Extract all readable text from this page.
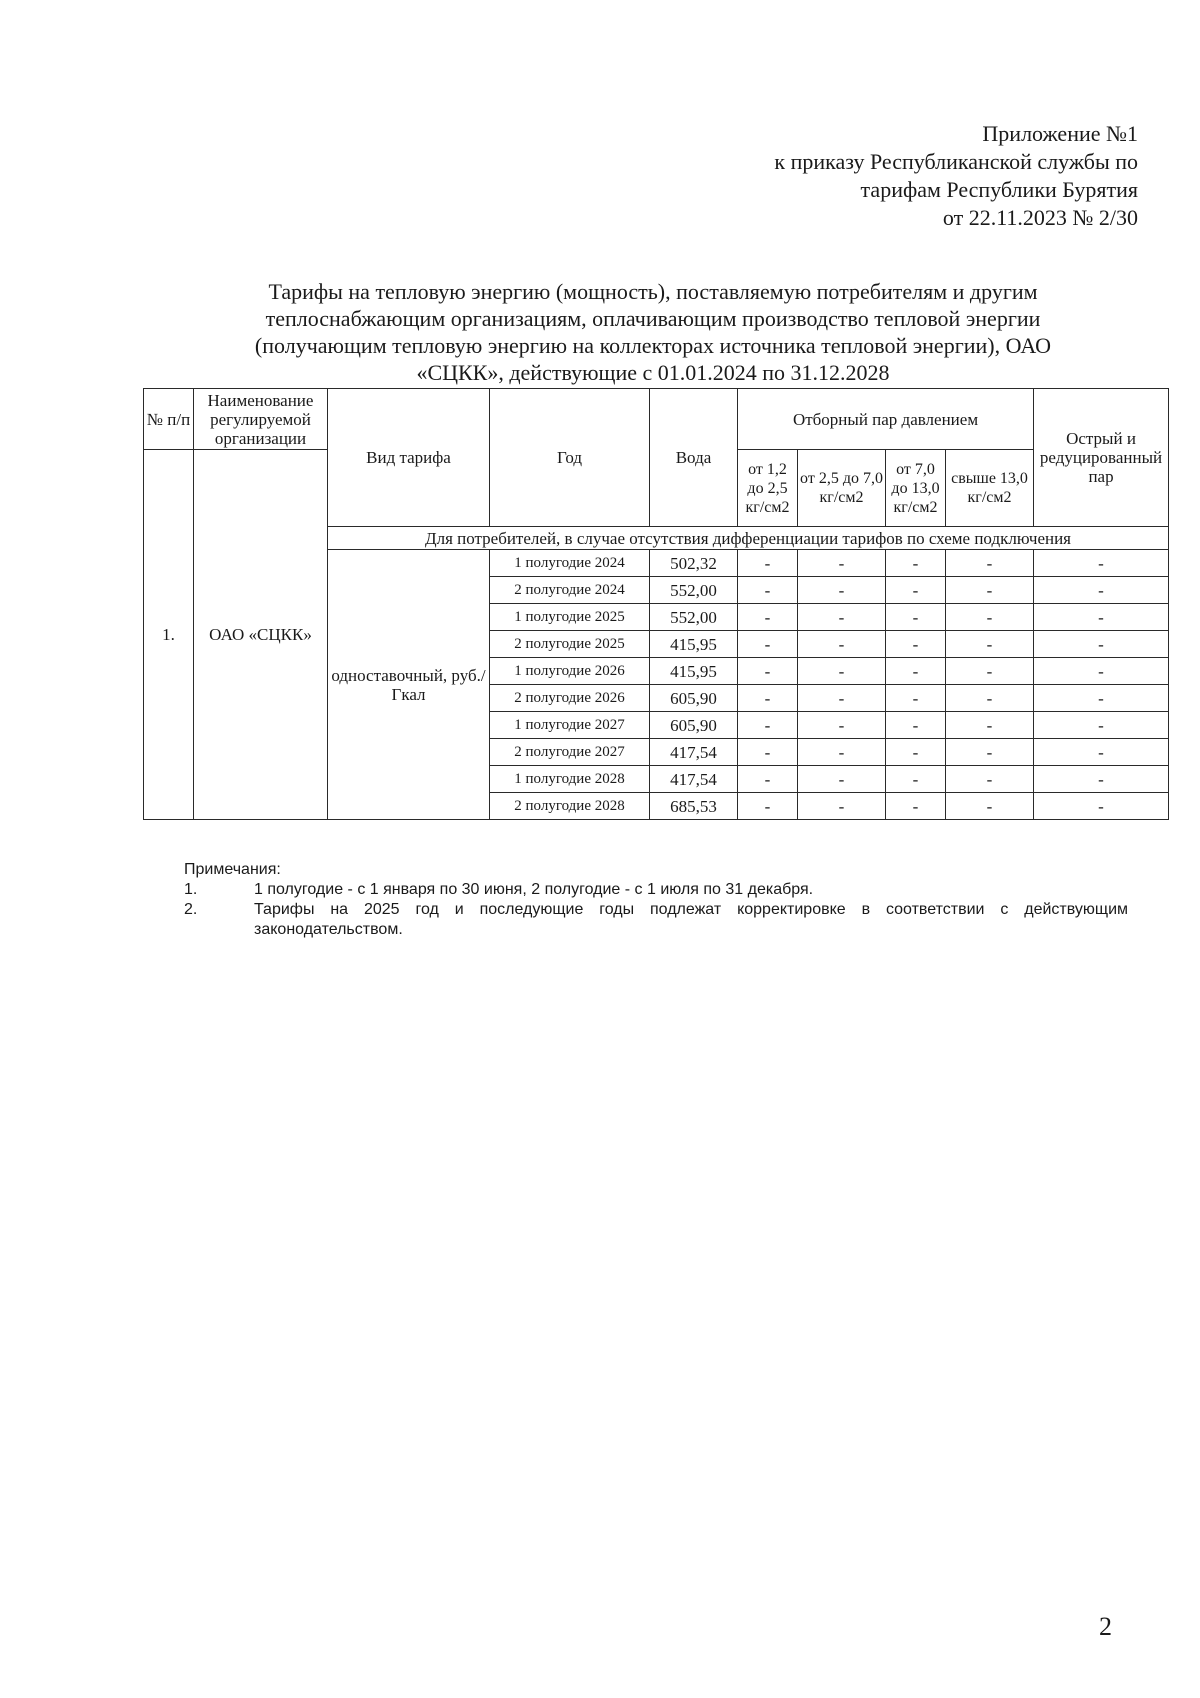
Приложение №1
к приказу Республиканской службы по
тарифам Республики Бурятия
от 22.11.2023 № 2/30
Тарифы на тепловую энергию (мощность), поставляемую потребителям и другим
теплоснабжающим организациям, оплачивающим производство тепловой энергии
(получающим тепловую энергию на коллекторах источника тепловой энергии), ОАО
«СЦКК», действующие с 01.01.2024 по 31.12.2028
№ п/п	Наименование регулируемой организации	Вид тарифа	Год	Вода	Отборный пар давлением				Острый и редуцированный пар
1.	ОАО «СЦКК»				от 1,2 до 2,5 кг/см2	от 2,5 до 7,0 кг/см2	от 7,0 до 13,0 кг/см2	свыше 13,0 кг/см2	
		Для потребителей, в случае отсутствия дифференциации тарифов по схеме подключения							
		одноставочный, руб./Гкал	1 полугодие 2024	502,32	-	-	-	-	-
			2 полугодие 2024	552,00	-	-	-	-	-
			1 полугодие 2025	552,00	-	-	-	-	-
			2 полугодие 2025	415,95	-	-	-	-	-
			1 полугодие 2026	415,95	-	-	-	-	-
			2 полугодие 2026	605,90	-	-	-	-	-
			1 полугодие 2027	605,90	-	-	-	-	-
			2 полугодие 2027	417,54	-	-	-	-	-
			1 полугодие 2028	417,54	-	-	-	-	-
			2 полугодие 2028	685,53	-	-	-	-	-
Примечания:
1.	1 полугодие - с 1 января по 30 июня, 2 полугодие - с 1 июля по 31 декабря.
2.	Тарифы на 2025 год и последующие годы подлежат корректировке в соответствии с действующим законодательством.
2
